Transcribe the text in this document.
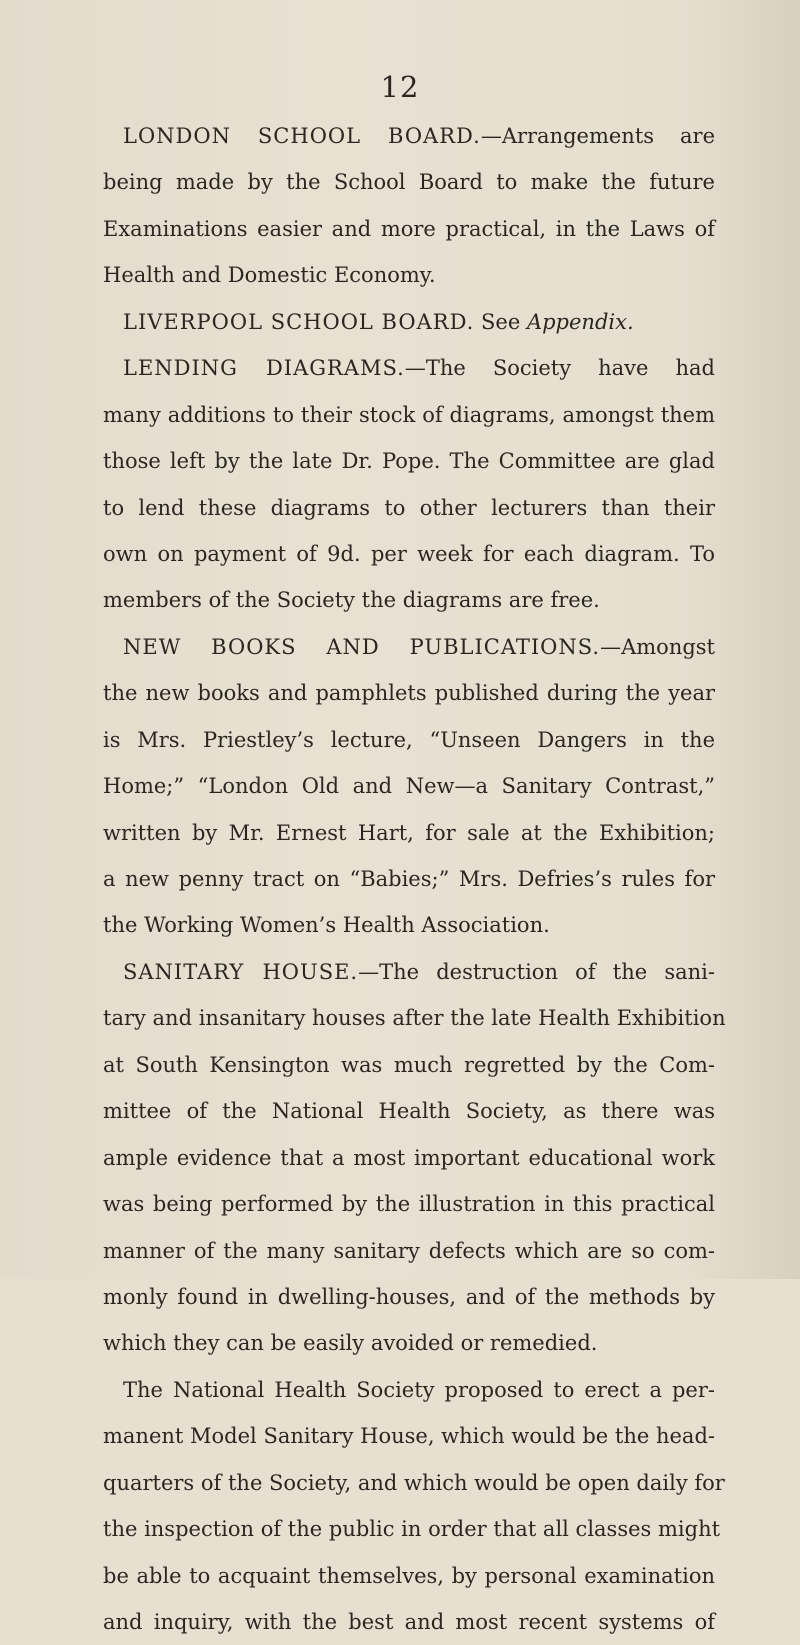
12
LONDON SCHOOL BOARD.—Arrangements are
being made by the School Board to make the future
Examinations easier and more practical, in the Laws of
Health and Domestic Economy.
LIVERPOOL SCHOOL BOARD. See Appendix.
LENDING DIAGRAMS.—The Society have had
many additions to their stock of diagrams, amongst them
those left by the late Dr. Pope. The Committee are glad
to lend these diagrams to other lecturers than their
own on payment of 9d. per week for each diagram. To
members of the Society the diagrams are free.
NEW BOOKS AND PUBLICATIONS.—Amongst
the new books and pamphlets published during the year
is Mrs. Priestley’s lecture, “Unseen Dangers in the
Home;” “London Old and New—a Sanitary Contrast,”
written by Mr. Ernest Hart, for sale at the Exhibition;
a new penny tract on “Babies;” Mrs. Defries’s rules for
the Working Women’s Health Association.
SANITARY HOUSE.—The destruction of the sani-
tary and insanitary houses after the late Health Exhibition
at South Kensington was much regretted by the Com-
mittee of the National Health Society, as there was
ample evidence that a most important educational work
was being performed by the illustration in this practical
manner of the many sanitary defects which are so com-
monly found in dwelling-houses, and of the methods by
which they can be easily avoided or remedied.
The National Health Society proposed to erect a per-
manent Model Sanitary House, which would be the head-
quarters of the Society, and which would be open daily for
the inspection of the public in order that all classes might
be able to acquaint themselves, by personal examination
and inquiry, with the best and most recent systems of
